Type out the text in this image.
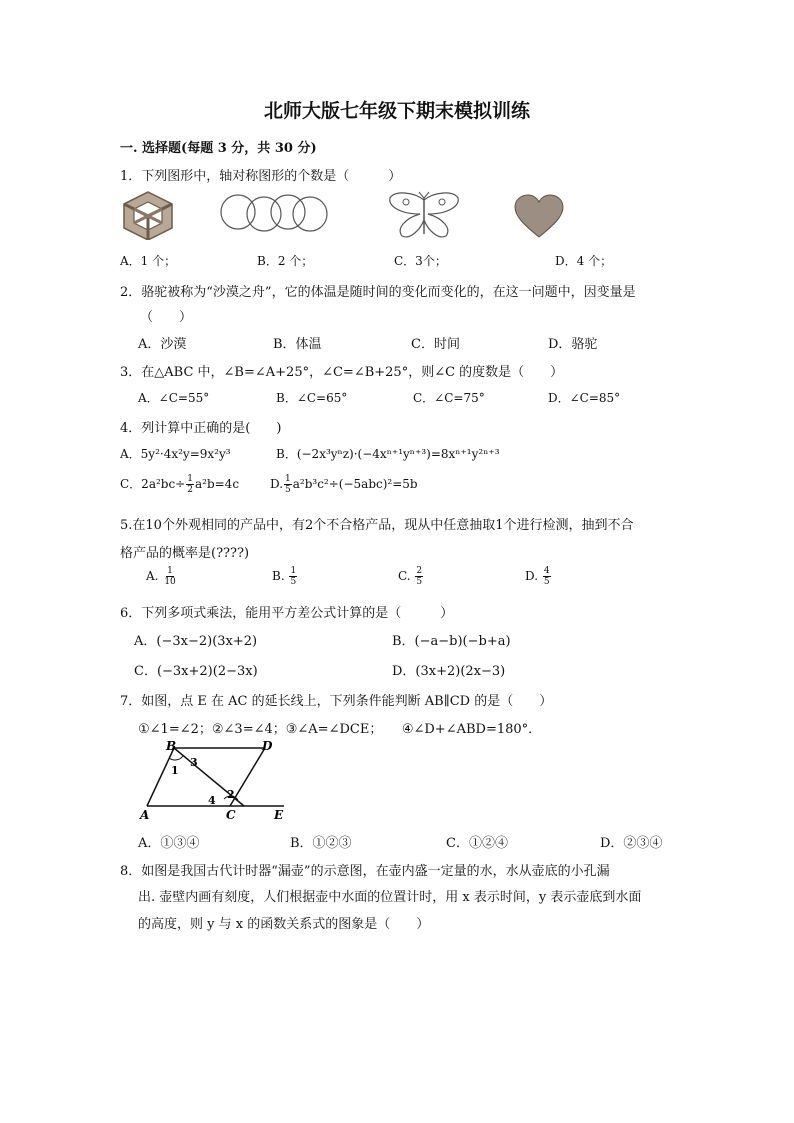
北师大版七年级下期末模拟训练
一. 选择题(每题 3 分，共 30 分)
1．下列图形中，轴对称图形的个数是（　　　）
A．1 个；	B．2 个；	C．3个；	D．4 个；
2．骆驼被称为“沙漠之舟”，它的体温是随时间的变化而变化的，在这一问题中，因变量是
（　　）
A．沙漠	B．体温	C．时间	D．骆驼
3．在△ABC 中，∠B=∠A+25°，∠C=∠B+25°，则∠C 的度数是（　　）
A．∠C=55°	B．∠C=65°	C．∠C=75°	D．∠C=85°
4．列计算中正确的是(　　)
A．5y²·4x²y=9x²y³	B．(−2x³yⁿz)·(−4xⁿ⁺¹yⁿ⁺³)=8xⁿ⁺¹y²ⁿ⁺³
C．$2a^2bc\div \frac{1}{2} a^2b=4c$	D. $\frac{1}{5} a^2b^3c^2\div(-5abc)^2=5b$
5.在10个外观相同的产品中，有2个不合格产品，现从中任意抽取1个进行检测，抽到不合
格产品的概率是(????)
A. $\frac{1}{10}$	B. $\frac{1}{5}$	C. $\frac{2}{5}$	D. $\frac{4}{5}$
6．下列多项式乘法，能用平方差公式计算的是（　　　）
A．(−3x−2)(3x+2)	B．(−a−b)(−b+a)
C．(−3x+2)(2−3x)	D．(3x+2)(2x−3)
7．如图，点 E 在 AC 的延长线上，下列条件能判断 AB∥CD 的是（　　）
①∠1=∠2；②∠3=∠4；③∠A=∠DCE；　　④∠D+∠ABD=180°．
B	D
A	C	E
1
3
2
4
A．①③④	B．①②③	C．①②④	D．②③④
8．如图是我国古代计时器“漏壶”的示意图，在壶内盛一定量的水，水从壶底的小孔漏
出. 壶壁内画有刻度，人们根据壶中水面的位置计时，用 x 表示时间，y 表示壶底到水面
的高度，则 y 与 x 的函数关系式的图象是（　　）
